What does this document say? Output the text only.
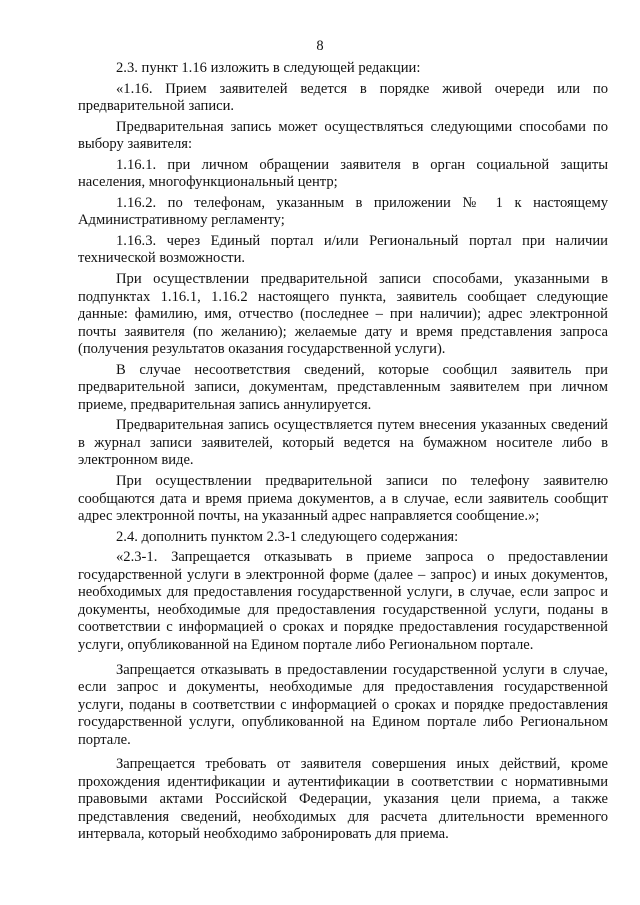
8

2.3. пункт 1.16 изложить в следующей редакции:

«1.16. Прием заявителей ведется в порядке живой очереди или по предварительной записи.

Предварительная запись может осуществляться следующими способами по выбору заявителя:

1.16.1. при личном обращении заявителя в орган социальной защиты населения, многофункциональный центр;

1.16.2. по телефонам, указанным в приложении № 1 к настоящему Административному регламенту;

1.16.3. через Единый портал и/или Региональный портал при наличии технической возможности.

При осуществлении предварительной записи способами, указанными в подпунктах 1.16.1, 1.16.2 настоящего пункта, заявитель сообщает следующие данные: фамилию, имя, отчество (последнее – при наличии); адрес электронной почты заявителя (по желанию); желаемые дату и время представления запроса (получения результатов оказания государственной услуги).

В случае несоответствия сведений, которые сообщил заявитель при предварительной записи, документам, представленным заявителем при личном приеме, предварительная запись аннулируется.

Предварительная запись осуществляется путем внесения указанных сведений в журнал записи заявителей, который ведется на бумажном носителе либо в электронном виде.

При осуществлении предварительной записи по телефону заявителю сообщаются дата и время приема документов, а в случае, если заявитель сообщит адрес электронной почты, на указанный адрес направляется сообщение.»;

2.4. дополнить пунктом 2.3-1 следующего содержания:

«2.3-1. Запрещается отказывать в приеме запроса о предоставлении государственной услуги в электронной форме (далее – запрос) и иных документов, необходимых для предоставления государственной услуги, в случае, если запрос и документы, необходимые для предоставления государственной услуги, поданы в соответствии с информацией о сроках и порядке предоставления государственной услуги, опубликованной на Едином портале либо Региональном портале.

Запрещается отказывать в предоставлении государственной услуги в случае, если запрос и документы, необходимые для предоставления государственной услуги, поданы в соответствии с информацией о сроках и порядке предоставления государственной услуги, опубликованной на Едином портале либо Региональном портале.

Запрещается требовать от заявителя совершения иных действий, кроме прохождения идентификации и аутентификации в соответствии с нормативными правовыми актами Российской Федерации, указания цели приема, а также представления сведений, необходимых для расчета длительности временного интервала, который необходимо забронировать для приема.
